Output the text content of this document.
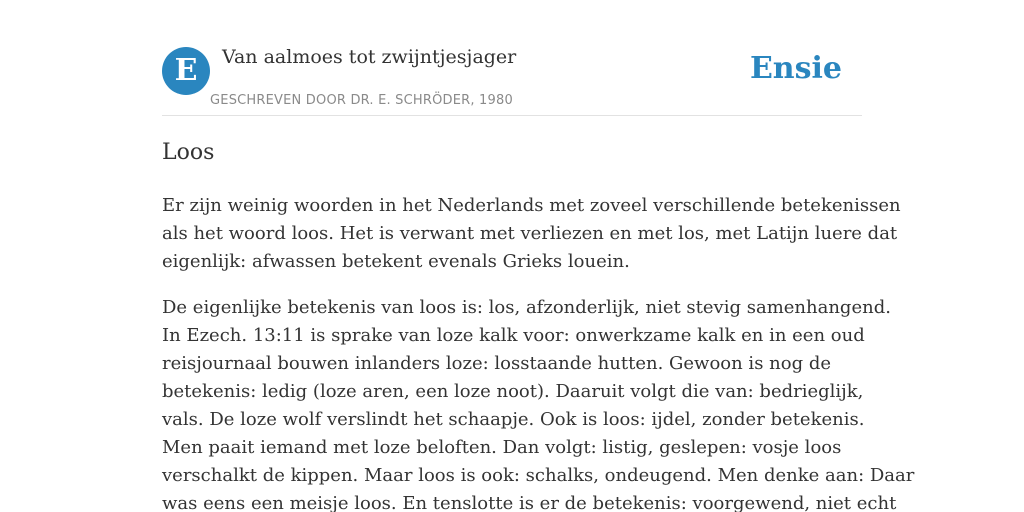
E	Van aalmoes tot zwijntjesjager
GESCHREVEN DOOR DR. E. SCHRÖDER, 1980
Ensie
Loos

Er zijn weinig woorden in het Nederlands met zoveel verschillende betekenissen
als het woord loos. Het is verwant met verliezen en met los, met Latijn luere dat
eigenlijk: afwassen betekent evenals Grieks louein.

De eigenlijke betekenis van loos is: los, afzonderlijk, niet stevig samenhangend.
In Ezech. 13:11 is sprake van loze kalk voor: onwerkzame kalk en in een oud
reisjournaal bouwen inlanders loze: losstaande hutten. Gewoon is nog de
betekenis: ledig (loze aren, een loze noot). Daaruit volgt die van: bedrieglijk,
vals. De loze wolf verslindt het schaapje. Ook is loos: ijdel, zonder betekenis.
Men paait iemand met loze beloften. Dan volgt: listig, geslepen: vosje loos
verschalkt de kippen. Maar loos is ook: schalks, ondeugend. Men denke aan: Daar
was eens een meisje loos. En tenslotte is er de betekenis: voorgewend, niet echt
